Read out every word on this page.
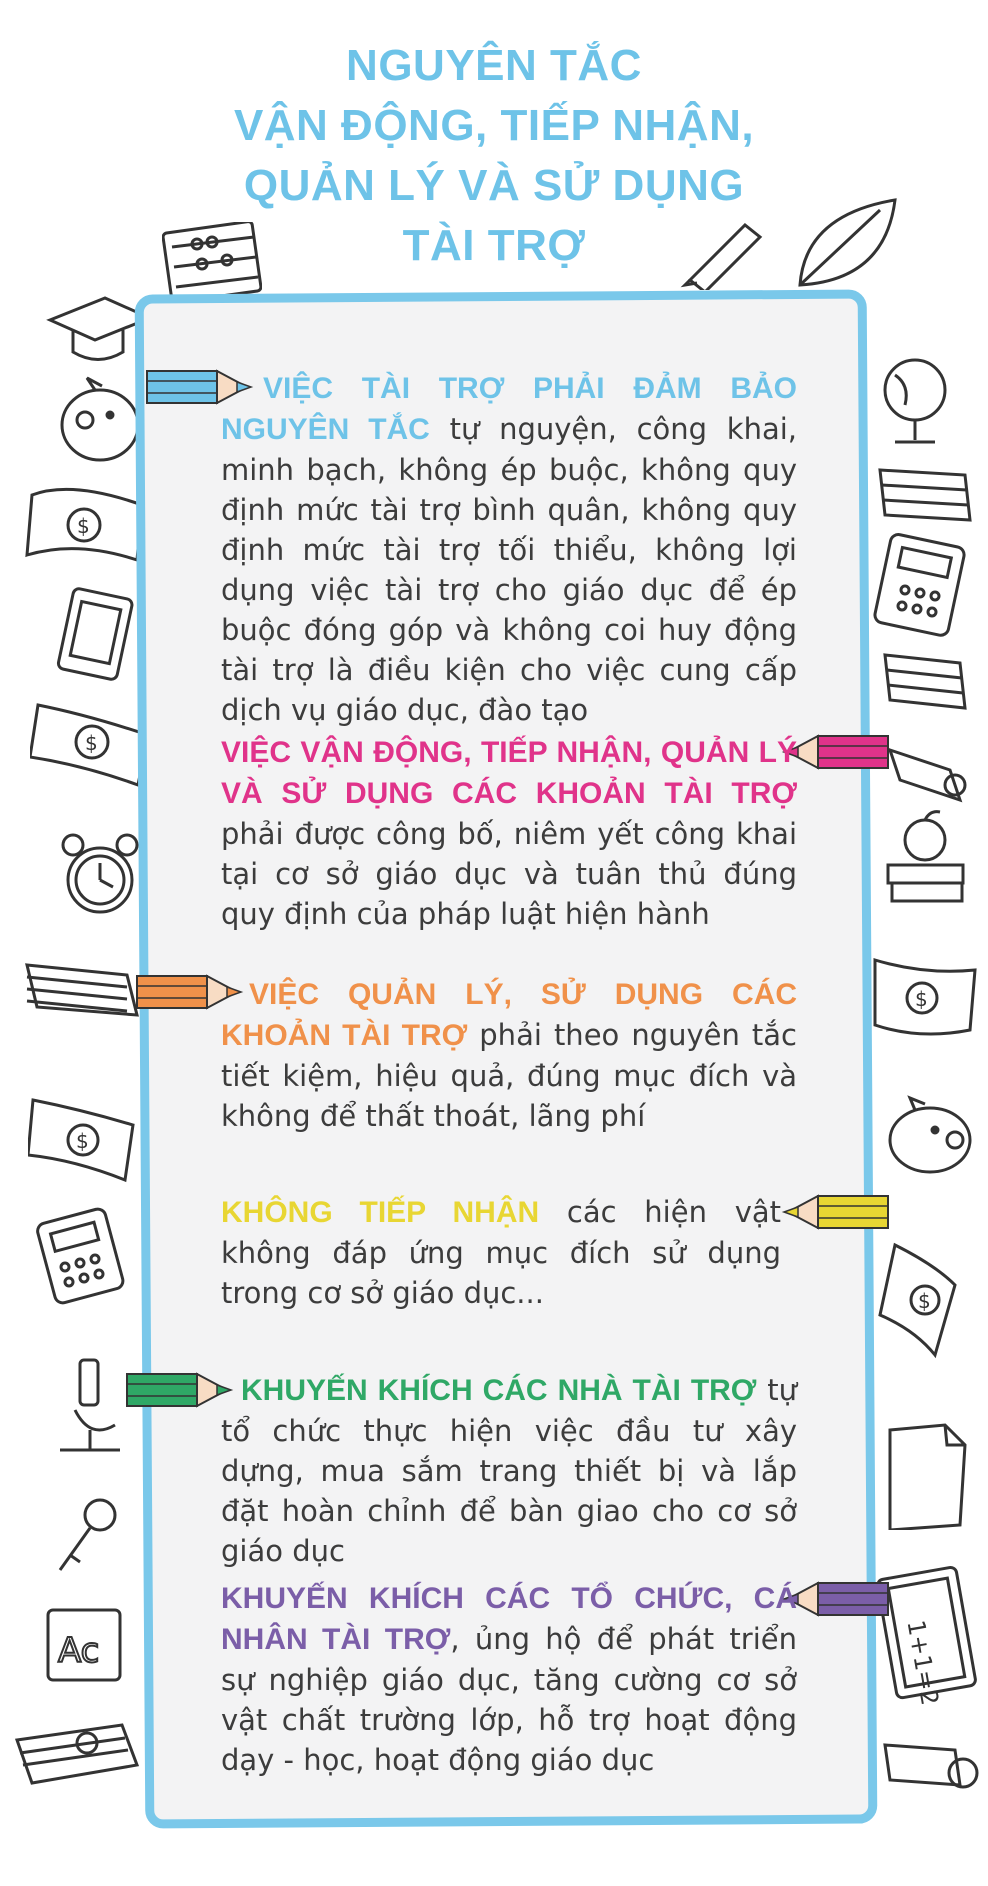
NGUYÊN TẮC
VẬN ĐỘNG, TIẾP NHẬN,
QUẢN LÝ VÀ SỬ DỤNG
TÀI TRỢ
$
$
$
Ac
$
$
1+1=2
VIỆC TÀI TRỢ PHẢI ĐẢM BẢO NGUYÊN TẮC tự nguyện, công khai, minh bạch, không ép buộc, không quy định mức tài trợ bình quân, không quy định mức tài trợ tối thiểu, không lợi dụng việc tài trợ cho giáo dục để ép buộc đóng góp và không coi huy động tài trợ là điều kiện cho việc cung cấp dịch vụ giáo dục, đào tạo
VIỆC VẬN ĐỘNG, TIẾP NHẬN, QUẢN LÝ VÀ SỬ DỤNG CÁC KHOẢN TÀI TRỢ phải được công bố, niêm yết công khai tại cơ sở giáo dục và tuân thủ đúng quy định của pháp luật hiện hành
VIỆC QUẢN LÝ, SỬ DỤNG CÁC KHOẢN TÀI TRỢ phải theo nguyên tắc tiết kiệm, hiệu quả, đúng mục đích và không để thất thoát, lãng phí
KHÔNG TIẾP NHẬN các hiện vật không đáp ứng mục đích sử dụng trong cơ sở giáo dục...
KHUYẾN KHÍCH CÁC NHÀ TÀI TRỢ tự tổ chức thực hiện việc đầu tư xây dựng, mua sắm trang thiết bị và lắp đặt hoàn chỉnh để bàn giao cho cơ sở giáo dục
KHUYẾN KHÍCH CÁC TỔ CHỨC, CÁ NHÂN TÀI TRỢ, ủng hộ để phát triển sự nghiệp giáo dục, tăng cường cơ sở vật chất trường lớp, hỗ trợ hoạt động dạy - học, hoạt động giáo dục
